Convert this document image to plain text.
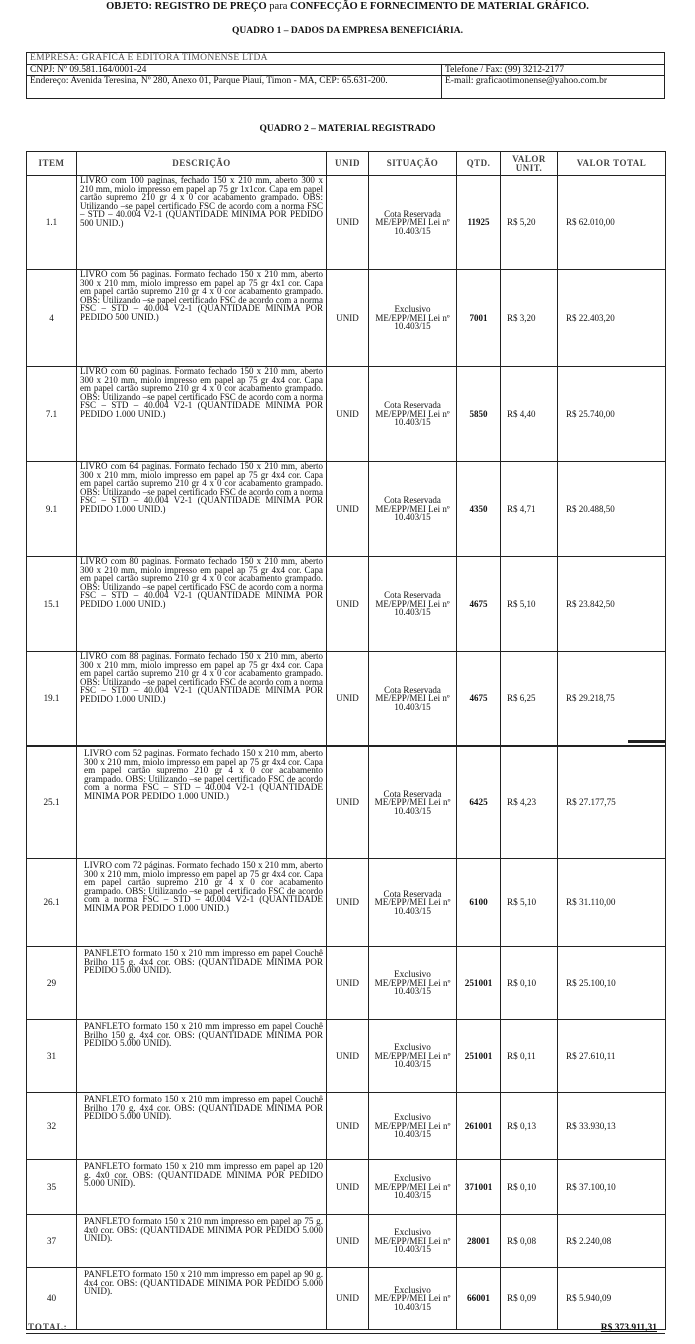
OBJETO: REGISTRO DE PREÇO para CONFECÇÃO E FORNECIMENTO DE MATERIAL GRÁFICO.
QUADRO 1 – DADOS DA EMPRESA BENEFICIÁRIA.
EMPRESA: GRAFICA E EDITORA TIMONENSE LTDA	
CNPJ: Nº 09.581.164/0001-24	Telefone / Fax: (99) 3212-2177
Endereço: Avenida Teresina, Nº 280, Anexo 01, Parque Piauí, Timon - MA, CEP: 65.631-200.	E-mail: graficaotimonense@yahoo.com.br
QUADRO 2 – MATERIAL REGISTRADO
ITEM	DESCRIÇÃO	UNID	SITUAÇÃO	QTD.	VALOR UNIT.	VALOR TOTAL
1.1	LIVRO com 100 paginas, fechado 150 x 210 mm, aberto 300 x 210 mm, miolo impresso em papel ap 75 gr 1x1cor. Capa em papel cartão supremo 210 gr 4 x 0 cor acabamento grampado. OBS: Utilizando –se papel certificado FSC de acordo com a norma FSC – STD – 40.004 V2-1 (QUANTIDADE MINIMA POR PEDIDO 500 UNID.)	UNID	Cota Reservada ME/EPP/MEI Lei nº 10.403/15	11925	R$ 5,20	R$ 62.010,00
4	LIVRO com 56 paginas. Formato fechado 150 x 210 mm, aberto 300 x 210 mm, miolo impresso em papel ap 75 gr 4x1 cor. Capa em papel cartão supremo 210 gr 4 x 0 cor acabamento grampado. OBS: Utilizando –se papel certificado FSC de acordo com a norma FSC – STD – 40.004 V2-1 (QUANTIDADE MINIMA POR PEDIDO 500 UNID.)	UNID	Exclusivo ME/EPP/MEI Lei nº 10.403/15	7001	R$ 3,20	R$ 22.403,20
7.1	LIVRO com 60 paginas. Formato fechado 150 x 210 mm, aberto 300 x 210 mm, miolo impresso em papel ap 75 gr 4x4 cor. Capa em papel cartão supremo 210 gr 4 x 0 cor acabamento grampado. OBS: Utilizando –se papel certificado FSC de acordo com a norma FSC – STD – 40.004 V2-1 (QUANTIDADE MINIMA POR PEDIDO 1.000 UNID.)	UNID	Cota Reservada ME/EPP/MEI Lei nº 10.403/15	5850	R$ 4,40	R$ 25.740,00
9.1	LIVRO com 64 paginas. Formato fechado 150 x 210 mm, aberto 300 x 210 mm, miolo impresso em papel ap 75 gr 4x4 cor. Capa em papel cartão supremo 210 gr 4 x 0 cor acabamento grampado. OBS: Utilizando –se papel certificado FSC de acordo com a norma FSC – STD – 40.004 V2-1 (QUANTIDADE MINIMA POR PEDIDO 1.000 UNID.)	UNID	Cota Reservada ME/EPP/MEI Lei nº 10.403/15	4350	R$ 4,71	R$ 20.488,50
15.1	LIVRO com 80 paginas. Formato fechado 150 x 210 mm, aberto 300 x 210 mm, miolo impresso em papel ap 75 gr 4x4 cor. Capa em papel cartão supremo 210 gr 4 x 0 cor acabamento grampado. OBS: Utilizando –se papel certificado FSC de acordo com a norma FSC – STD – 40.004 V2-1 (QUANTIDADE MINIMA POR PEDIDO 1.000 UNID.)	UNID	Cota Reservada ME/EPP/MEI Lei nº 10.403/15	4675	R$ 5,10	R$ 23.842,50
19.1	LIVRO com 88 paginas. Formato fechado 150 x 210 mm, aberto 300 x 210 mm, miolo impresso em papel ap 75 gr 4x4 cor. Capa em papel cartão supremo 210 gr 4 x 0 cor acabamento grampado. OBS: Utilizando –se papel certificado FSC de acordo com a norma FSC – STD – 40.004 V2-1 (QUANTIDADE MINIMA POR PEDIDO 1.000 UNID.)	UNID	Cota Reservada ME/EPP/MEI Lei nº 10.403/15	4675	R$ 6,25	R$ 29.218,75
25.1	LIVRO com 52 paginas. Formato fechado 150 x 210 mm, aberto 300 x 210 mm, miolo impresso em papel ap 75 gr 4x4 cor. Capa em papel cartão supremo 210 gr 4 x 0 cor acabamento grampado. OBS: Utilizando –se papel certificado FSC de acordo com a norma FSC – STD – 40.004 V2-1 (QUANTIDADE MINIMA POR PEDIDO 1.000 UNID.)	UNID	Cota Reservada ME/EPP/MEI Lei nº 10.403/15	6425	R$ 4,23	R$ 27.177,75
26.1	LIVRO com 72 páginas. Formato fechado 150 x 210 mm, aberto 300 x 210 mm, miolo impresso em papel ap 75 gr 4x4 cor. Capa em papel cartão supremo 210 gr 4 x 0 cor acabamento grampado. OBS: Utilizando –se papel certificado FSC de acordo com a norma FSC – STD – 40.004 V2-1 (QUANTIDADE MINIMA POR PEDIDO 1.000 UNID.)	UNID	Cota Reservada ME/EPP/MEI Lei nº 10.403/15	6100	R$ 5,10	R$ 31.110,00
29	PANFLETO formato 150 x 210 mm impresso em papel Couchê Brilho 115 g. 4x4 cor. OBS: (QUANTIDADE MINIMA POR PEDIDO 5.000 UNID).	UNID	Exclusivo ME/EPP/MEI Lei nº 10.403/15	251001	R$ 0,10	R$ 25.100,10
31	PANFLETO formato 150 x 210 mm impresso em papel Couchê Brilho 150 g. 4x4 cor. OBS: (QUANTIDADE MINIMA POR PEDIDO 5.000 UNID).	UNID	Exclusivo ME/EPP/MEI Lei nº 10.403/15	251001	R$ 0,11	R$ 27.610,11
32	PANFLETO formato 150 x 210 mm impresso em papel Couchê Brilho 170 g. 4x4 cor. OBS: (QUANTIDADE MINIMA POR PEDIDO 5.000 UNID).	UNID	Exclusivo ME/EPP/MEI Lei nº 10.403/15	261001	R$ 0,13	R$ 33.930,13
35	PANFLETO formato 150 x 210 mm impresso em papel ap 120 g. 4x0 cor. OBS: (QUANTIDADE MINIMA POR PEDIDO 5.000 UNID).	UNID	Exclusivo ME/EPP/MEI Lei nº 10.403/15	371001	R$ 0,10	R$ 37.100,10
37	PANFLETO formato 150 x 210 mm impresso em papel ap 75 g. 4x0 cor. OBS: (QUANTIDADE MINIMA POR PEDIDO 5.000 UNID).	UNID	Exclusivo ME/EPP/MEI Lei nº 10.403/15	28001	R$ 0,08	R$ 2.240,08
40	PANFLETO formato 150 x 210 mm impresso em papel ap 90 g. 4x4 cor. OBS: (QUANTIDADE MINIMA POR PEDIDO 5.000 UNID).	UNID	Exclusivo ME/EPP/MEI Lei nº 10.403/15	66001	R$ 0,09	R$ 5.940,09
TOTAL:	R$ 373.911,31
